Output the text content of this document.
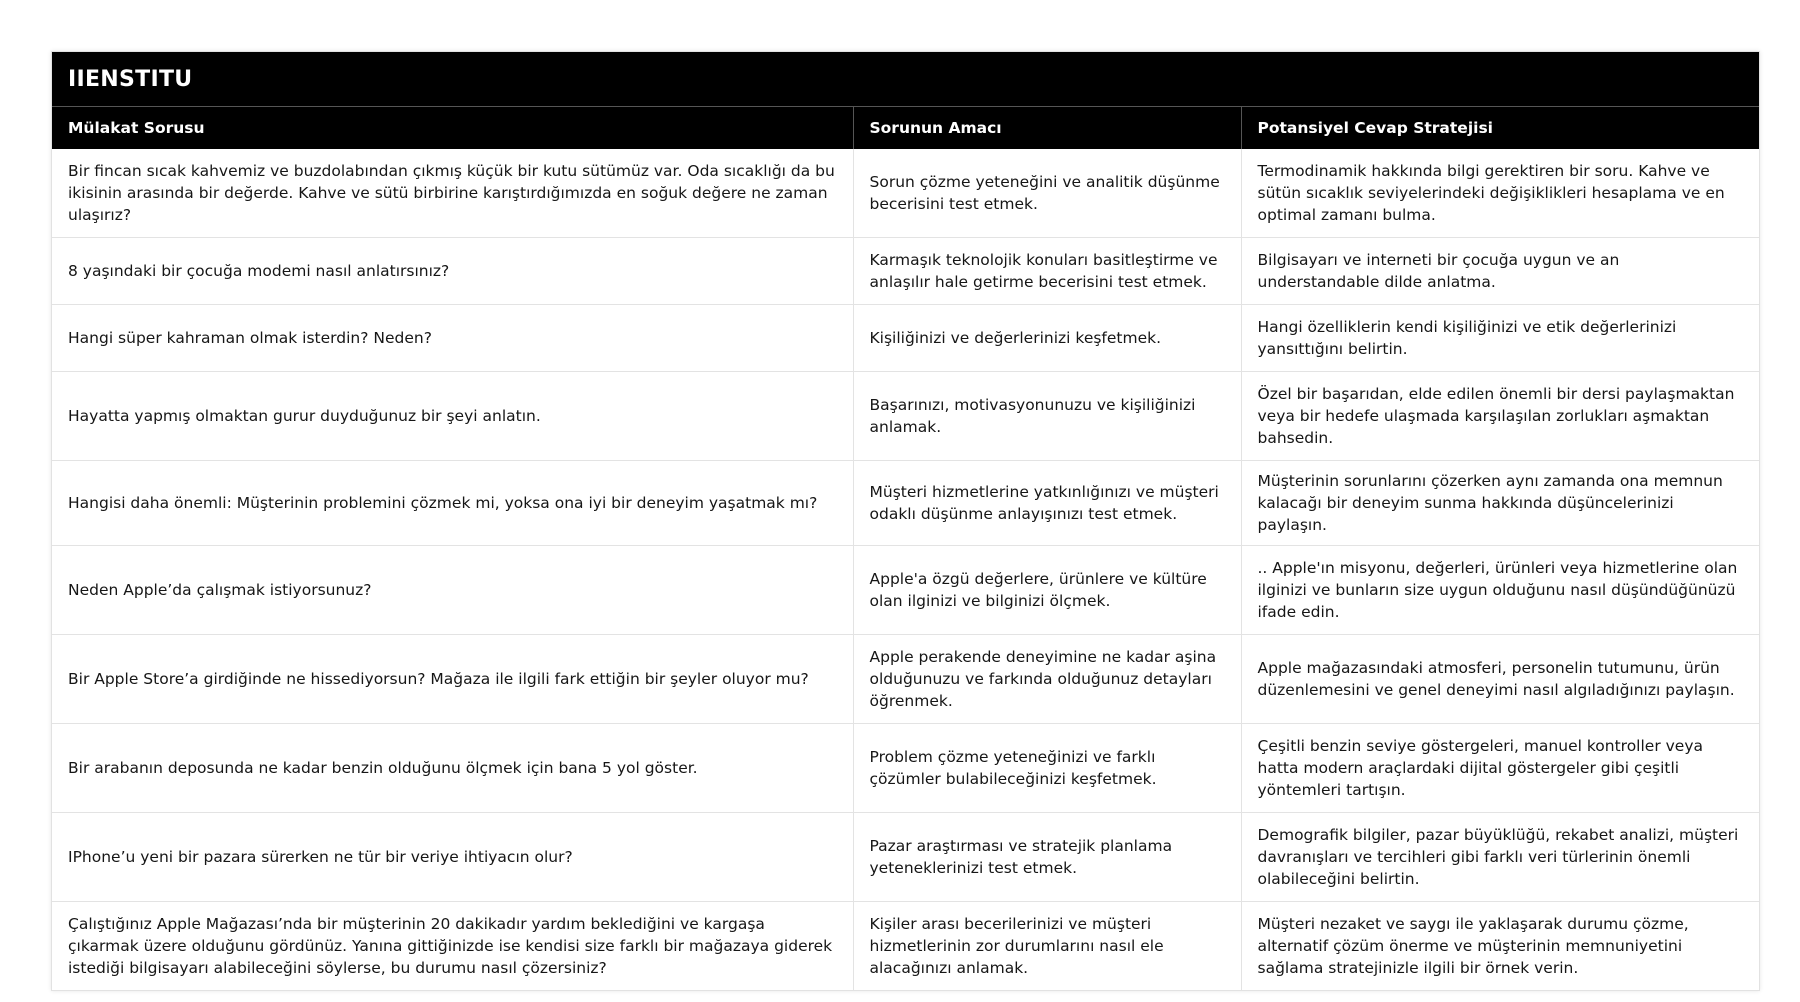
IIENSTITU
Mülakat Sorusu	Sorunun Amacı	Potansiyel Cevap Stratejisi
Bir fincan sıcak kahvemiz ve buzdolabından çıkmış küçük bir kutu sütümüz var. Oda sıcaklığı da bu ikisinin arasında bir değerde. Kahve ve sütü birbirine karıştırdığımızda en soğuk değere ne zaman ulaşırız?	Sorun çözme yeteneğini ve analitik düşünme becerisini test etmek.	Termodinamik hakkında bilgi gerektiren bir soru. Kahve ve sütün sıcaklık seviyelerindeki değişiklikleri hesaplama ve en optimal zamanı bulma.
8 yaşındaki bir çocuğa modemi nasıl anlatırsınız?	Karmaşık teknolojik konuları basitleştirme ve anlaşılır hale getirme becerisini test etmek.	Bilgisayarı ve interneti bir çocuğa uygun ve an understandable dilde anlatma.
Hangi süper kahraman olmak isterdin? Neden?	Kişiliğinizi ve değerlerinizi keşfetmek.	Hangi özelliklerin kendi kişiliğinizi ve etik değerlerinizi yansıttığını belirtin.
Hayatta yapmış olmaktan gurur duyduğunuz bir şeyi anlatın.	Başarınızı, motivasyonunuzu ve kişiliğinizi anlamak.	Özel bir başarıdan, elde edilen önemli bir dersi paylaşmaktan veya bir hedefe ulaşmada karşılaşılan zorlukları aşmaktan bahsedin.
Hangisi daha önemli: Müşterinin problemini çözmek mi, yoksa ona iyi bir deneyim yaşatmak mı?	Müşteri hizmetlerine yatkınlığınızı ve müşteri odaklı düşünme anlayışınızı test etmek.	Müşterinin sorunlarını çözerken aynı zamanda ona memnun kalacağı bir deneyim sunma hakkında düşüncelerinizi paylaşın.
Neden Apple’da çalışmak istiyorsunuz?	Apple'a özgü değerlere, ürünlere ve kültüre olan ilginizi ve bilginizi ölçmek.	.. Apple'ın misyonu, değerleri, ürünleri veya hizmetlerine olan ilginizi ve bunların size uygun olduğunu nasıl düşündüğünüzü ifade edin.
Bir Apple Store’a girdiğinde ne hissediyorsun? Mağaza ile ilgili fark ettiğin bir şeyler oluyor mu?	Apple perakende deneyimine ne kadar aşina olduğunuzu ve farkında olduğunuz detayları öğrenmek.	Apple mağazasındaki atmosferi, personelin tutumunu, ürün düzenlemesini ve genel deneyimi nasıl algıladığınızı paylaşın.
Bir arabanın deposunda ne kadar benzin olduğunu ölçmek için bana 5 yol göster.	Problem çözme yeteneğinizi ve farklı çözümler bulabileceğinizi keşfetmek.	Çeşitli benzin seviye göstergeleri, manuel kontroller veya hatta modern araçlardaki dijital göstergeler gibi çeşitli yöntemleri tartışın.
IPhone’u yeni bir pazara sürerken ne tür bir veriye ihtiyacın olur?	Pazar araştırması ve stratejik planlama yeteneklerinizi test etmek.	Demografik bilgiler, pazar büyüklüğü, rekabet analizi, müşteri davranışları ve tercihleri gibi farklı veri türlerinin önemli olabileceğini belirtin.
Çalıştığınız Apple Mağazası’nda bir müşterinin 20 dakikadır yardım beklediğini ve kargaşa çıkarmak üzere olduğunu gördünüz. Yanına gittiğinizde ise kendisi size farklı bir mağazaya giderek istediği bilgisayarı alabileceğini söylerse, bu durumu nasıl çözersiniz?	Kişiler arası becerilerinizi ve müşteri hizmetlerinin zor durumlarını nasıl ele alacağınızı anlamak.	Müşteri nezaket ve saygı ile yaklaşarak durumu çözme, alternatif çözüm önerme ve müşterinin memnuniyetini sağlama stratejinizle ilgili bir örnek verin.
